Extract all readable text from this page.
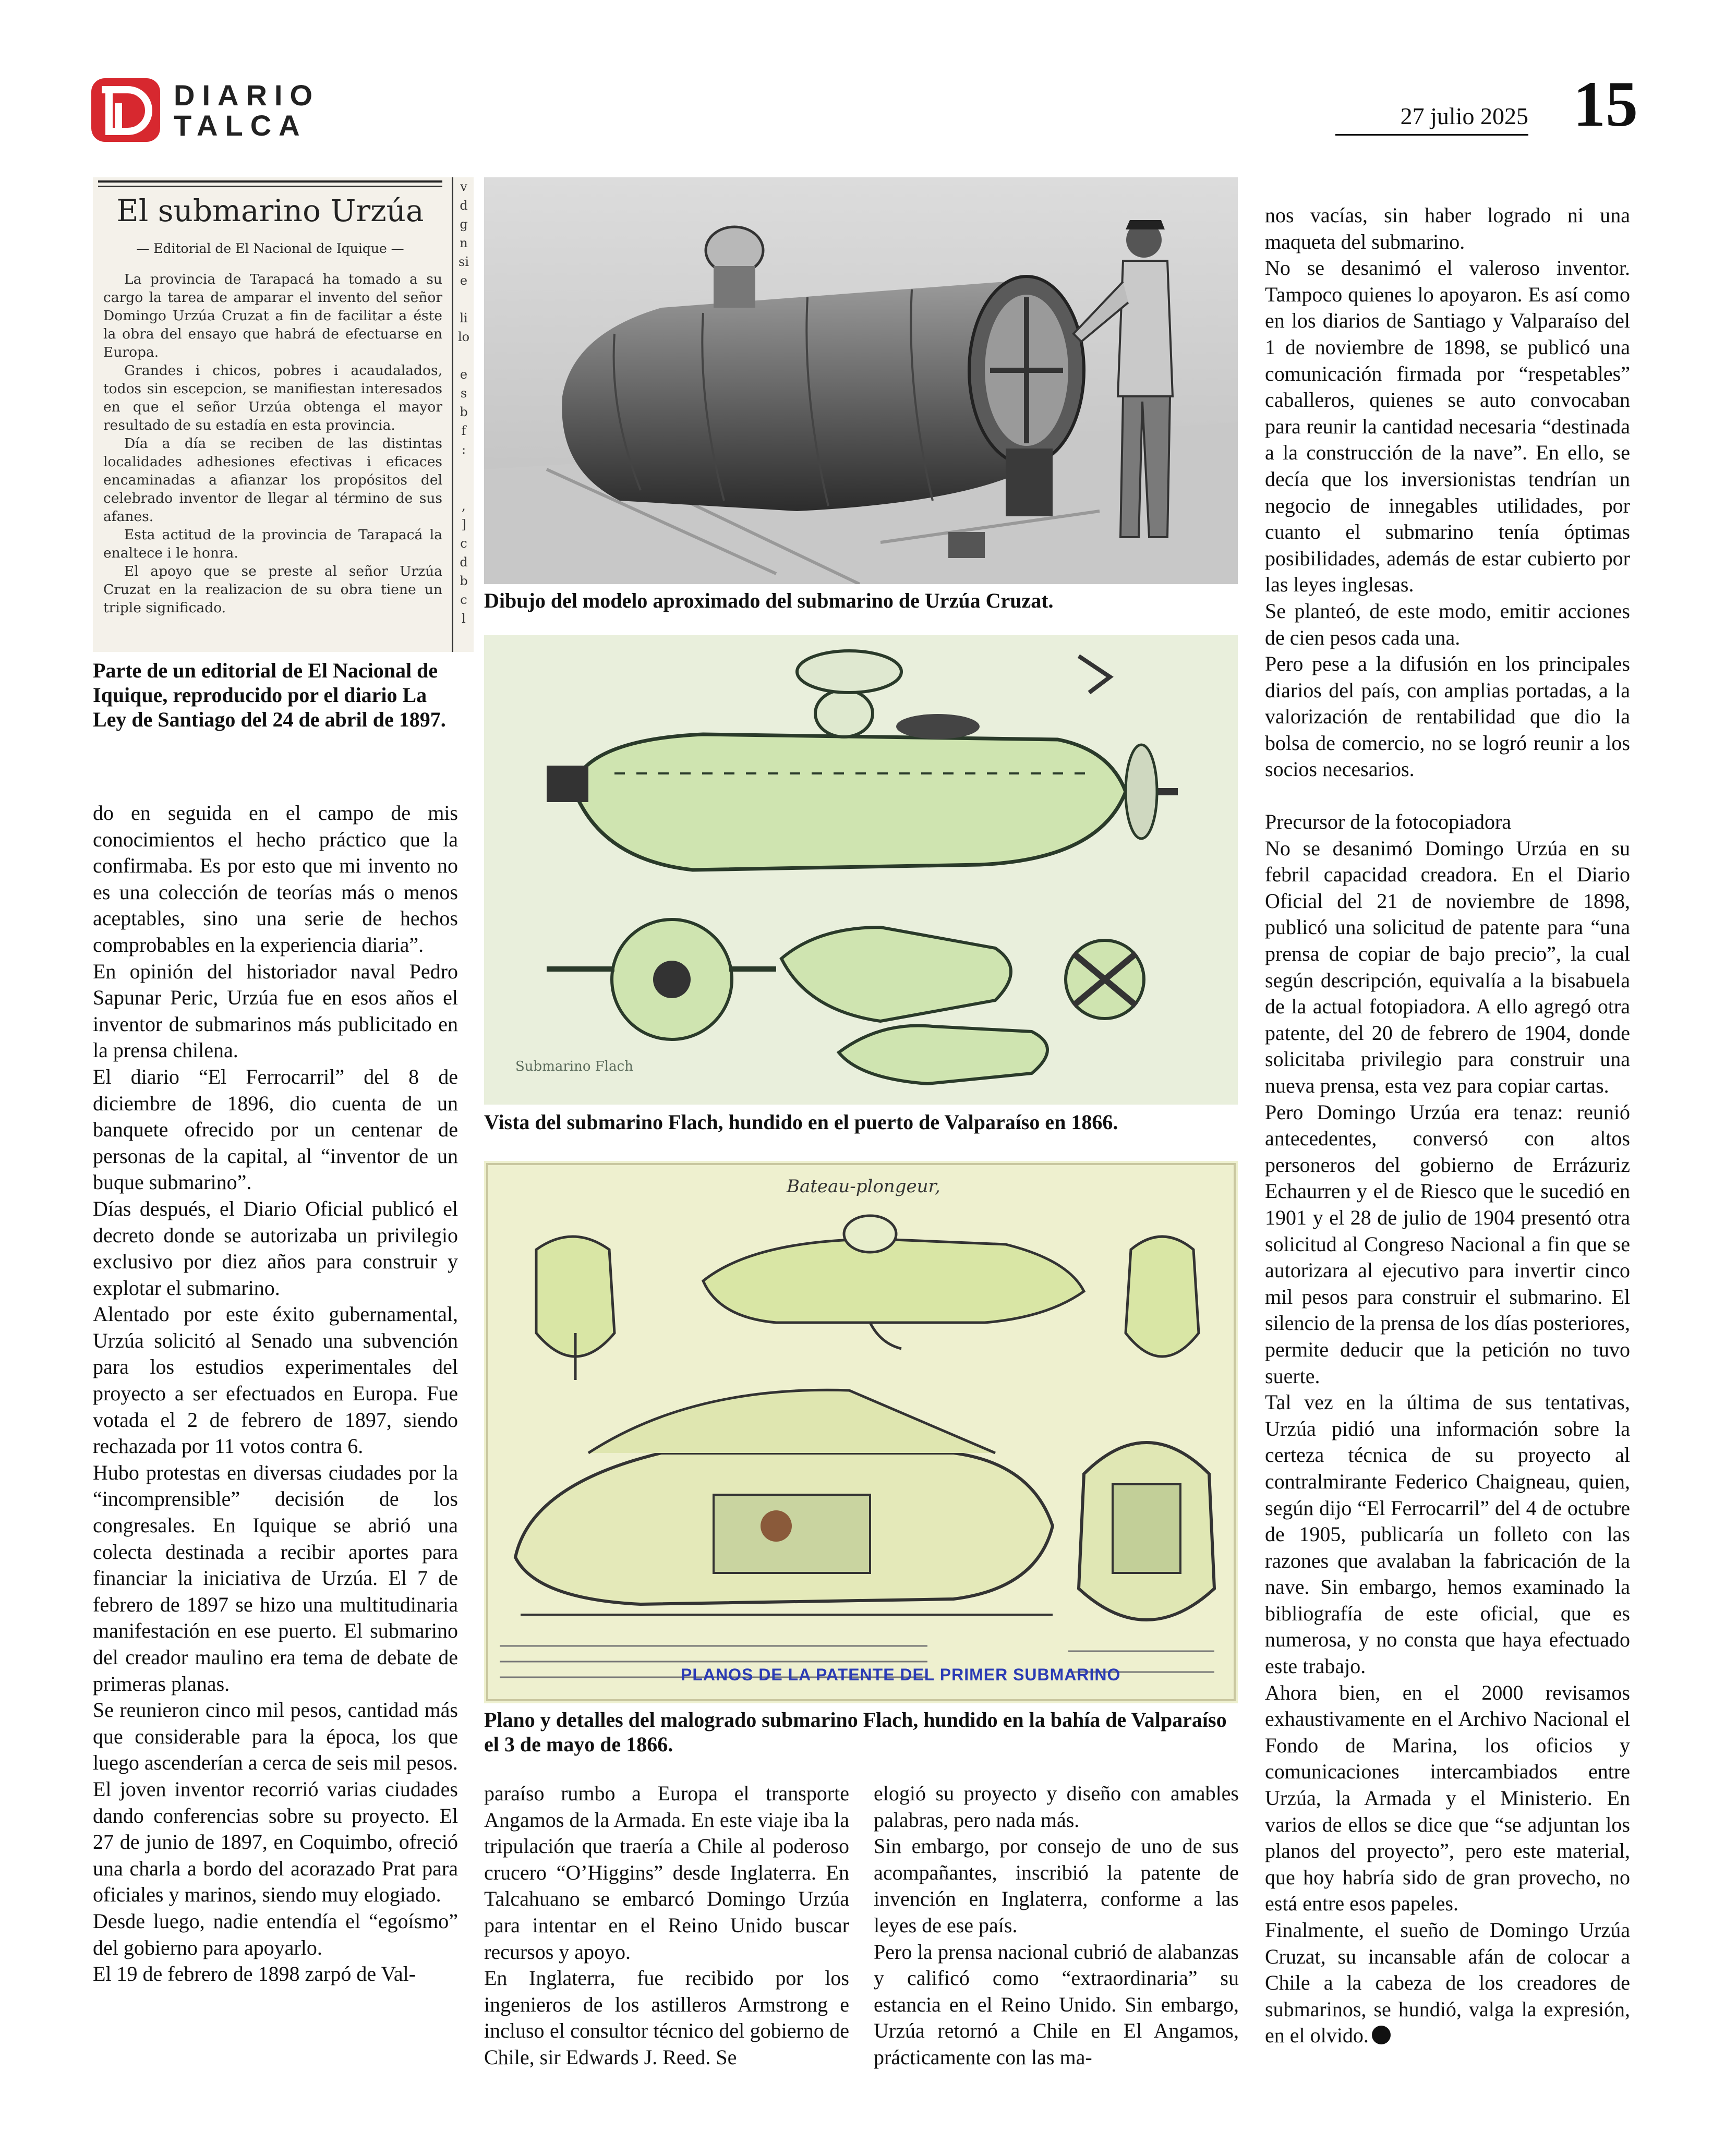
DIARIO
TALCA	27 julio 2025 15
El submarino Urzúa
— Editorial de El Nacional de Iquique —

La provincia de Tarapacá ha tomado a su cargo la tarea de amparar el invento del señor Domingo Urzúa Cruzat a fin de facilitar a éste la obra del ensayo que habrá de efectuarse en Europa.

Grandes i chicos, pobres i acaudalados, todos sin escepcion, se manifiestan interesados en que el señor Urzúa obtenga el mayor resultado de su estadía en esta provincia.

Día a día se reciben de las distintas localidades adhesiones efectivas i eficaces encaminadas a afianzar los propósitos del celebrado inventor de llegar al término de sus afanes.

Esta actitud de la provincia de Tarapacá la enaltece i le honra.

El apoyo que se preste al señor Urzúa Cruzat en la realizacion de su obra tiene un triple significado.

v
d
g
n
si
e

li
lo

e
s
b
f
:

,
]
c
d
b
c
l
Parte de un editorial de El Nacional de Iquique, reproducido por el diario La Ley de Santiago del 24 de abril de 1897.
Dibujo del modelo aproximado del submarino de Urzúa Cruzat.
Submarino Flach
Vista del submarino Flach, hundido en el puerto de Valparaíso en 1866.
Bateau-plongeur,
PLANOS DE LA PATENTE DEL PRIMER SUBMARINO
Plano y detalles del malogrado submarino Flach, hundido en la bahía de Valparaíso el 3 de mayo de 1866.

do en seguida en el campo de mis conocimientos el hecho práctico que la confirmaba. Es por esto que mi invento no es una colección de teorías más o menos aceptables, sino una serie de hechos comprobables en la experiencia diaria”.

En opinión del historiador naval Pedro Sapunar Peric, Urzúa fue en esos años el inventor de submarinos más publicitado en la prensa chilena.

El diario “El Ferrocarril” del 8 de diciembre de 1896, dio cuenta de un banquete ofrecido por un centenar de personas de la capital, al “inventor de un buque submarino”.

Días después, el Diario Oficial publicó el decreto donde se autorizaba un privilegio exclusivo por diez años para construir y explotar el submarino.

Alentado por este éxito gubernamental, Urzúa solicitó al Senado una subvención para los estudios experimentales del proyecto a ser efectuados en Europa. Fue votada el 2 de febrero de 1897, siendo rechazada por 11 votos contra 6.

Hubo protestas en diversas ciudades por la “incomprensible” decisión de los congresales. En Iquique se abrió una colecta destinada a recibir aportes para financiar la iniciativa de Urzúa. El 7 de febrero de 1897 se hizo una multitudinaria manifestación en ese puerto. El submarino del creador maulino era tema de debate de primeras planas.

Se reunieron cinco mil pesos, cantidad más que considerable para la época, los que luego ascenderían a cerca de seis mil pesos.

El joven inventor recorrió varias ciudades dando conferencias sobre su proyecto. El 27 de junio de 1897, en Coquimbo, ofreció una charla a bordo del acorazado Prat para oficiales y marinos, siendo muy elogiado.

Desde luego, nadie entendía el “egoísmo” del gobierno para apoyarlo.

El 19 de febrero de 1898 zarpó de Val-

paraíso rumbo a Europa el transporte Angamos de la Armada. En este viaje iba la tripulación que traería a Chile al poderoso crucero “O’Higgins” desde Inglaterra. En Talcahuano se embarcó Domingo Urzúa para intentar en el Reino Unido buscar recursos y apoyo.

En Inglaterra, fue recibido por los ingenieros de los astilleros Armstrong e incluso el consultor técnico del gobierno de Chile, sir Edwards J. Reed. Se

elogió su proyecto y diseño con amables palabras, pero nada más.

Sin embargo, por consejo de uno de sus acompañantes, inscribió la patente de invención en Inglaterra, conforme a las leyes de ese país.

Pero la prensa nacional cubrió de alabanzas y calificó como “extraordinaria” su estancia en el Reino Unido. Sin embargo, Urzúa retornó a Chile en El Angamos, prácticamente con las ma-

nos vacías, sin haber logrado ni una maqueta del submarino.

No se desanimó el valeroso inventor. Tampoco quienes lo apoyaron. Es así como en los diarios de Santiago y Valparaíso del 1 de noviembre de 1898, se publicó una comunicación firmada por “respetables” caballeros, quienes se auto convocaban para reunir la cantidad necesaria “destinada a la construcción de la nave”. En ello, se decía que los inversionistas tendrían un negocio de innegables utilidades, por cuanto el submarino tenía óptimas posibilidades, además de estar cubierto por las leyes inglesas.

Se planteó, de este modo, emitir acciones de cien pesos cada una.

Pero pese a la difusión en los principales diarios del país, con amplias portadas, a la valorización de rentabilidad que dio la bolsa de comercio, no se logró reunir a los socios necesarios.

Precursor de la fotocopiadora

No se desanimó Domingo Urzúa en su febril capacidad creadora. En el Diario Oficial del 21 de noviembre de 1898, publicó una solicitud de patente para “una prensa de copiar de bajo precio”, la cual según descripción, equivalía a la bisabuela de la actual fotopiadora. A ello agregó otra patente, del 20 de febrero de 1904, donde solicitaba privilegio para construir una nueva prensa, esta vez para copiar cartas.

Pero Domingo Urzúa era tenaz: reunió antecedentes, conversó con altos personeros del gobierno de Errázuriz Echaurren y el de Riesco que le sucedió en 1901 y el 28 de julio de 1904 presentó otra solicitud al Congreso Nacional a fin que se autorizara al ejecutivo para invertir cinco mil pesos para construir el submarino. El silencio de la prensa de los días posteriores, permite deducir que la petición no tuvo suerte.

Tal vez en la última de sus tentativas, Urzúa pidió una información sobre la certeza técnica de su proyecto al contralmirante Federico Chaigneau, quien, según dijo “El Ferrocarril” del 4 de octubre de 1905, publicaría un folleto con las razones que avalaban la fabricación de la nave. Sin embargo, hemos examinado la bibliografía de este oficial, que es numerosa, y no consta que haya efectuado este trabajo.

Ahora bien, en el 2000 revisamos exhaustivamente en el Archivo Nacional el Fondo de Marina, los oficios y comunicaciones intercambiados entre Urzúa, la Armada y el Ministerio. En varios de ellos se dice que “se adjuntan los planos del proyecto”, pero este material, que hoy habría sido de gran provecho, no está entre esos papeles.

Finalmente, el sueño de Domingo Urzúa Cruzat, su incansable afán de colocar a Chile a la cabeza de los creadores de submarinos, se hundió, valga la expresión, en el olvido.
